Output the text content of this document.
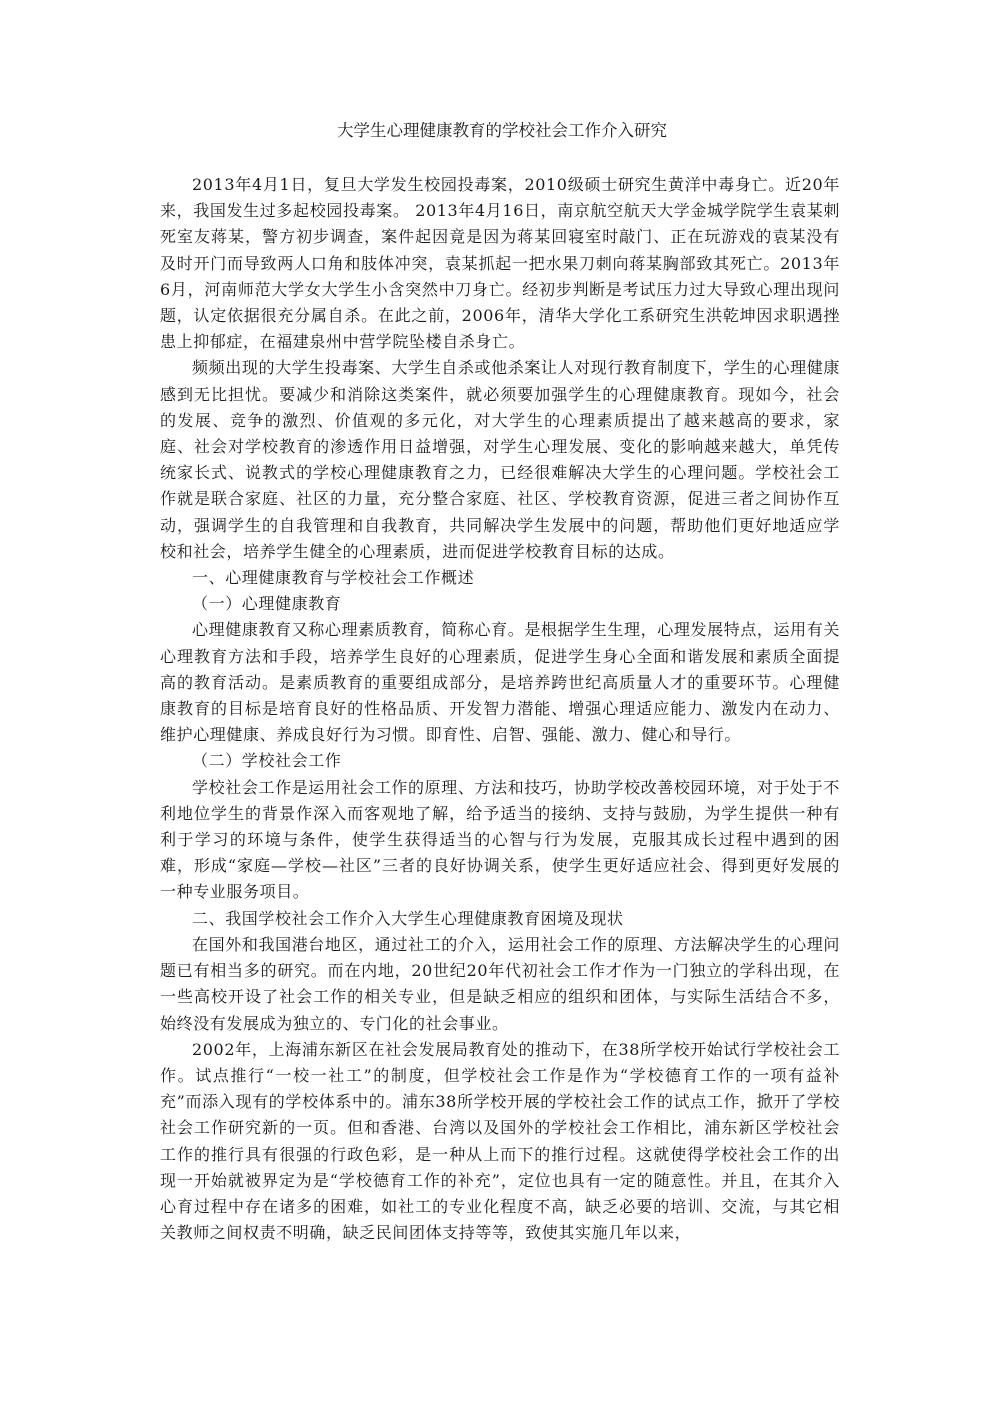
大学生心理健康教育的学校社会工作介入研究

2013年4月1日，复旦大学发生校园投毒案，2010级硕士研究生黄洋中毒身亡。近20年来，我国发生过多起校园投毒案。 2013年4月16日，南京航空航天大学金城学院学生袁某刺死室友蒋某，警方初步调查，案件起因竟是因为蒋某回寝室时敲门、正在玩游戏的袁某没有及时开门而导致两人口角和肢体冲突，袁某抓起一把水果刀刺向蒋某胸部致其死亡。2013年6月，河南师范大学女大学生小含突然中刀身亡。经初步判断是考试压力过大导致心理出现问题，认定依据很充分属自杀。在此之前，2006年，清华大学化工系研究生洪乾坤因求职遇挫患上抑郁症，在福建泉州中营学院坠楼自杀身亡。

频频出现的大学生投毒案、大学生自杀或他杀案让人对现行教育制度下，学生的心理健康感到无比担忧。要减少和消除这类案件，就必须要加强学生的心理健康教育。现如今，社会的发展、竞争的激烈、价值观的多元化，对大学生的心理素质提出了越来越高的要求，家庭、社会对学校教育的渗透作用日益增强，对学生心理发展、变化的影响越来越大，单凭传统家长式、说教式的学校心理健康教育之力，已经很难解决大学生的心理问题。学校社会工作就是联合家庭、社区的力量，充分整合家庭、社区、学校教育资源，促进三者之间协作互动，强调学生的自我管理和自我教育，共同解决学生发展中的问题，帮助他们更好地适应学校和社会，培养学生健全的心理素质，进而促进学校教育目标的达成。

一、心理健康教育与学校社会工作概述

（一）心理健康教育

心理健康教育又称心理素质教育，简称心育。是根据学生生理，心理发展特点，运用有关心理教育方法和手段，培养学生良好的心理素质，促进学生身心全面和谐发展和素质全面提高的教育活动。是素质教育的重要组成部分，是培养跨世纪高质量人才的重要环节。心理健康教育的目标是培育良好的性格品质、开发智力潜能、增强心理适应能力、激发内在动力、维护心理健康、养成良好行为习惯。即育性、启智、强能、激力、健心和导行。

（二）学校社会工作

学校社会工作是运用社会工作的原理、方法和技巧，协助学校改善校园环境，对于处于不利地位学生的背景作深入而客观地了解，给予适当的接纳、支持与鼓励，为学生提供一种有利于学习的环境与条件，使学生获得适当的心智与行为发展，克服其成长过程中遇到的困难，形成“家庭—学校—社区”三者的良好协调关系，使学生更好适应社会、得到更好发展的一种专业服务项目。

二、我国学校社会工作介入大学生心理健康教育困境及现状

在国外和我国港台地区，通过社工的介入，运用社会工作的原理、方法解决学生的心理问题已有相当多的研究。而在内地，20世纪20年代初社会工作才作为一门独立的学科出现，在一些高校开设了社会工作的相关专业，但是缺乏相应的组织和团体，与实际生活结合不多，始终没有发展成为独立的、专门化的社会事业。

2002年，上海浦东新区在社会发展局教育处的推动下，在38所学校开始试行学校社会工作。试点推行“一校一社工”的制度，但学校社会工作是作为“学校德育工作的一项有益补充”而添入现有的学校体系中的。浦东38所学校开展的学校社会工作的试点工作，掀开了学校社会工作研究新的一页。但和香港、台湾以及国外的学校社会工作相比，浦东新区学校社会工作的推行具有很强的行政色彩，是一种从上而下的推行过程。这就使得学校社会工作的出现一开始就被界定为是“学校德育工作的补充”，定位也具有一定的随意性。并且，在其介入心育过程中存在诸多的困难，如社工的专业化程度不高，缺乏必要的培训、交流，与其它相关教师之间权责不明确，缺乏民间团体支持等等，致使其实施几年以来，
